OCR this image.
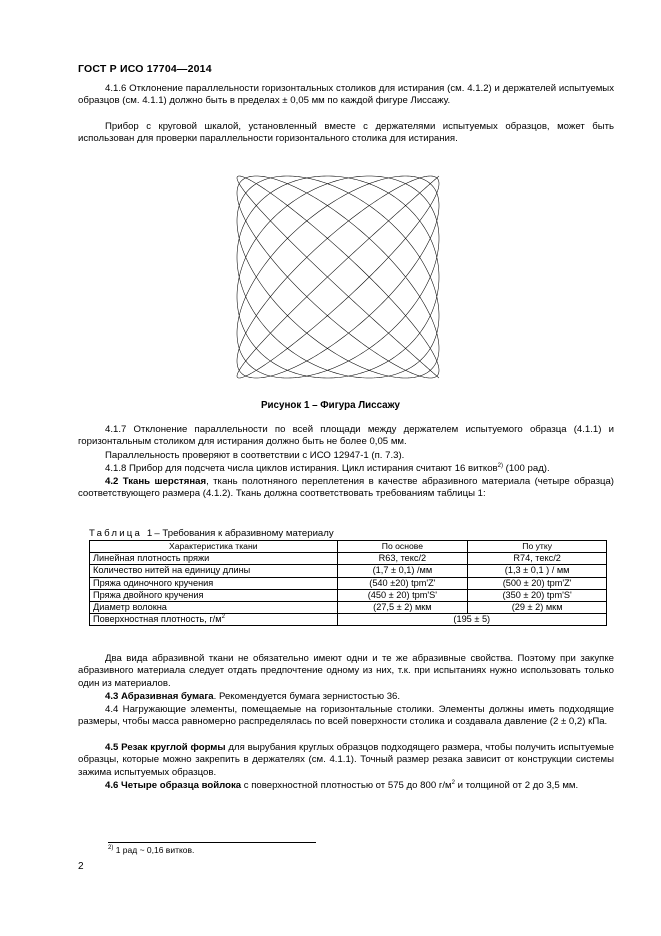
ГОСТ Р ИСО 17704—2014
4.1.6 Отклонение параллельности горизонтальных столиков для истирания (см. 4.1.2) и держателей испытуемых образцов (см. 4.1.1) должно быть в пределах ± 0,05 мм по каждой фигуре Лиссажу.
Прибор с круговой шкалой, установленный вместе с держателями испытуемых образцов, может быть использован для проверки параллельности горизонтального столика для истирания.
Рисунок 1 – Фигура Лиссажу
4.1.7 Отклонение параллельности по всей площади между держателем испытуемого образца (4.1.1) и горизонтальным столиком для истирания должно быть не более 0,05 мм.
Параллельность проверяют в соответствии с ИСО 12947-1 (п. 7.3).
4.1.8 Прибор для подсчета числа циклов истирания. Цикл истирания считают 16 витков$^{2)}$ (100 рад).
4.2 Ткань шерстяная, ткань полотняного переплетения в качестве абразивного материала (четыре образца) соответствующего размера (4.1.2). Ткань должна соответствовать требованиям таблицы 1:
Таблица 1– Требования к абразивному материалу
Характеристика ткани	По основе	По утку
Линейная плотность пряжи	R63, текс/2	R74, текс/2
Количество нитей на единицу длины	(1,7 ± 0,1) /мм	(1,3 ± 0,1 ) / мм
Пряжа одиночного кручения	(540 ±20) tpm'Z'	(500 ± 20) tpm'Z'
Пряжа двойного кручения	(450 ± 20) tpm'S'	(350 ± 20) tpm'S'
Диаметр волокна	(27,5 ± 2) мкм	(29 ± 2) мкм
Поверхностная плотность, $г/м^2$	(195 ± 5)	
Два вида абразивной ткани не обязательно имеют одни и те же абразивные свойства. Поэтому при закупке абразивного материала следует отдать предпочтение одному из них, т.к. при испытаниях нужно использовать только один из материалов.
4.3 Абразивная бумага. Рекомендуется бумага зернистостью 36.
4.4 Нагружающие элементы, помещаемые на горизонтальные столики. Элементы должны иметь подходящие размеры, чтобы масса равномерно распределялась по всей поверхности столика и создавала давление (2 ± 0,2) кПа.
4.5 Резак круглой формы для вырубания круглых образцов подходящего размера, чтобы получить испытуемые образцы, которые можно закрепить в держателях (см. 4.1.1). Точный размер резака зависит от конструкции системы зажима испытуемых образцов.
4.6 Четыре образца войлока с поверхностной плотностью от 575 до 800 $г/м^2$ и толщиной от 2 до 3,5 мм.
$^{2)}$ 1 рад ~ 0,16 витков.
2
